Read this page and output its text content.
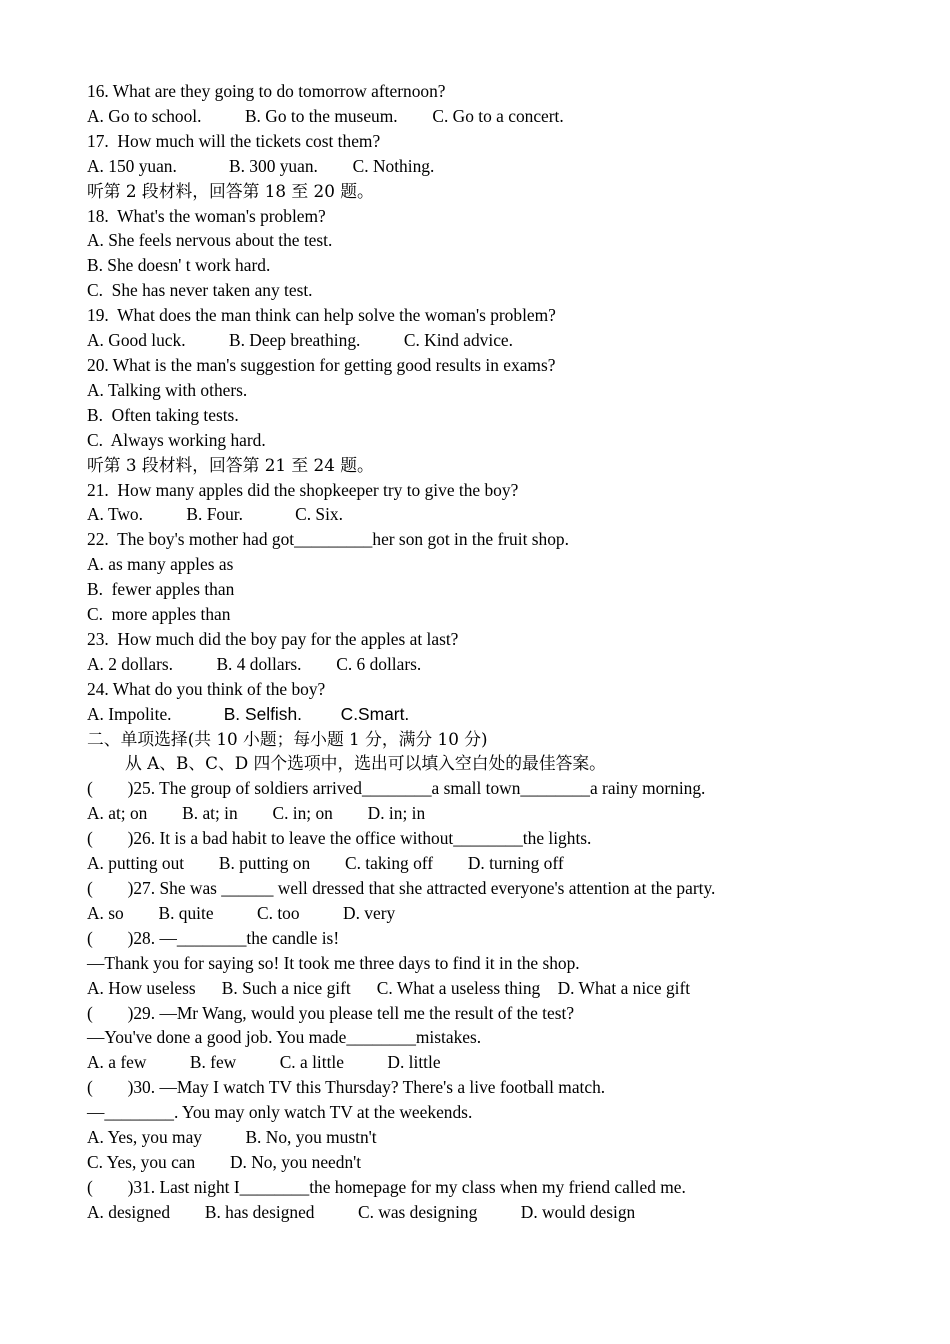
16. What are they going to do tomorrow afternoon?
A. Go to school.          B. Go to the museum.        C. Go to a concert.
17.  How much will the tickets cost them?
A. 150 yuan.            B. 300 yuan.        C. Nothing.
听第 2 段材料，回答第 18 至 20 题。
18.  What's the woman's problem?
A. She feels nervous about the test.
B. She doesn' t work hard.
C.  She has never taken any test.
19.  What does the man think can help solve the woman's problem?
A. Good luck.          B. Deep breathing.          C. Kind advice.
20. What is the man's suggestion for getting good results in exams?
A. Talking with others.
B.  Often taking tests.
C.  Always working hard.
听第 3 段材料，回答第 21 至 24 题。
21.  How many apples did the shopkeeper try to give the boy?
A. Two.          B. Four.            C. Six.
22.  The boy's mother had got_________her son got in the fruit shop.
A. as many apples as
B.  fewer apples than
C.  more apples than
23.  How much did the boy pay for the apples at last?
A. 2 dollars.          B. 4 dollars.        C. 6 dollars.
24. What do you think of the boy?
A. Impolite.            B. Selfish.        C.Smart.
二、单项选择(共 10 小题；每小题 1 分，满分 10 分)
从 A、B、C、D 四个选项中，选出可以填入空白处的最佳答案。
(        )25. The group of soldiers arrived________a small town________a rainy morning.
A. at; on        B. at; in        C. in; on        D. in; in
(        )26. It is a bad habit to leave the office without________the lights.
A. putting out        B. putting on        C. taking off        D. turning off
(        )27. She was ______ well dressed that she attracted everyone's attention at the party.
A. so        B. quite          C. too          D. very
(        )28. —________the candle is!
—Thank you for saying so! It took me three days to find it in the shop.
A. How useless      B. Such a nice gift      C. What a useless thing    D. What a nice gift
(        )29. —Mr Wang, would you please tell me the result of the test?
—You've done a good job. You made________mistakes.
A. a few          B. few          C. a little          D. little
(        )30. —May I watch TV this Thursday? There's a live football match.
—________. You may only watch TV at the weekends.
A. Yes, you may          B. No, you mustn't
C. Yes, you can        D. No, you needn't
(        )31. Last night I________the homepage for my class when my friend called me.
A. designed        B. has designed          C. was designing          D. would design
